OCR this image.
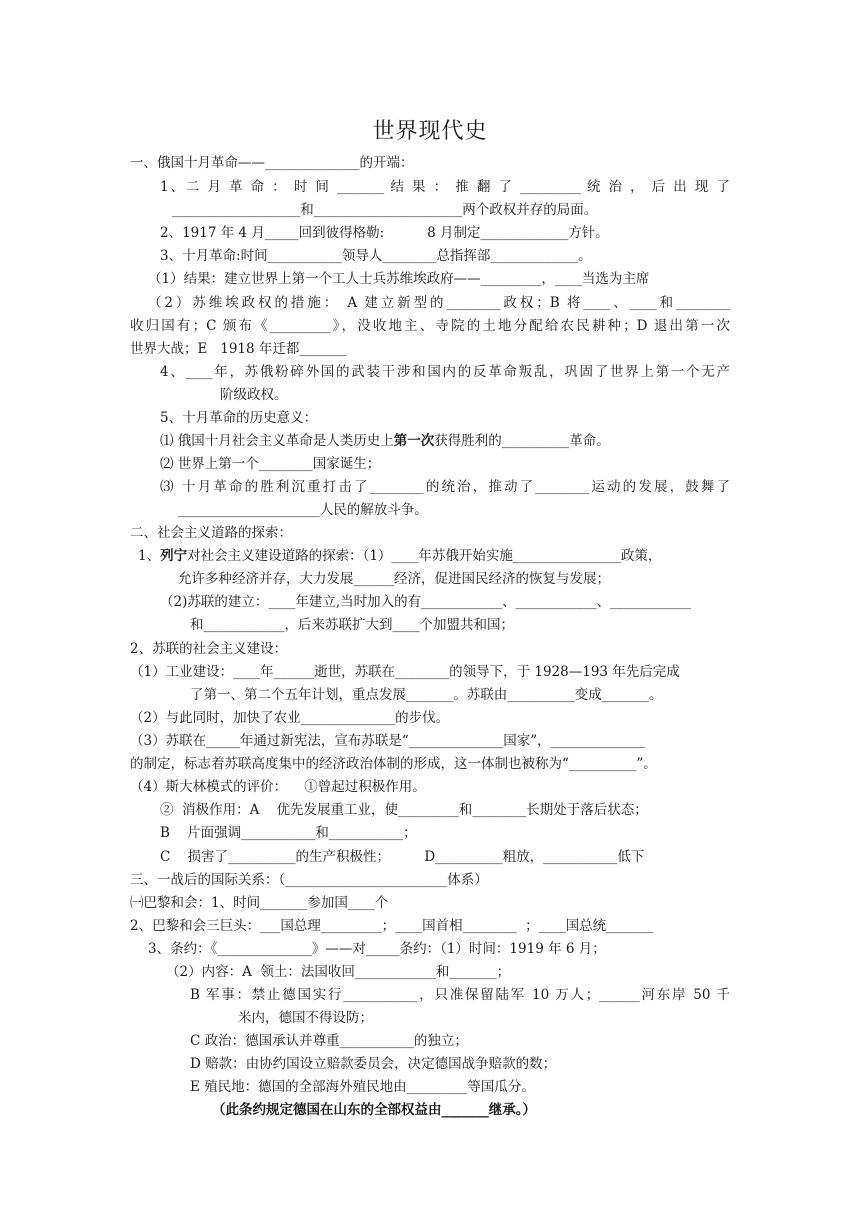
世界现代史
一、俄国十月革命——______________的开端：
1、二 月 革 命 ： 时 间 _______ 结 果 ： 推 翻 了 _________ 统 治 ， 后 出 现 了
___________________和______________________两个政权并存的局面。
2、1917 年 4 月_____回到彼得格勒:          8 月制定_____________方针。
3、十月革命:时间___________领导人________总指挥部_____________。
（1）结果：建立世界上第一个工人士兵苏维埃政府——_________，____当选为主席
（2）苏维埃政权的措施： A 建立新型的________政权；B 将____、____和________
收归国有；C 颁布《_________》，没收地主、寺院的土地分配给农民耕种；D 退出第一次
世界大战；E   1918 年迁都_______
4、____年，苏俄粉碎外国的武装干涉和国内的反革命叛乱，巩固了世界上第一个无产
阶级政权。
5、十月革命的历史意义：
⑴ 俄国十月社会主义革命是人类历史上第一次获得胜利的__________革命。
⑵ 世界上第一个________国家诞生；
⑶ 十月革命的胜利沉重打击了________的统治，推动了________运动的发展，鼓舞了
_____________________人民的解放斗争。
二、社会主义道路的探索：
1、列宁对社会主义建设道路的探索：（1）____年苏俄开始实施________________政策，
允许多种经济并存，大力发展______经济，促进国民经济的恢复与发展；
（2)苏联的建立：____年建立,当时加入的有____________、____________、____________
和____________，后来苏联扩大到____个加盟共和国；
2、苏联的社会主义建设：
（1）工业建设：____年______逝世，苏联在________的领导下，于 1928—193 年先后完成
了第一、第二个五年计划，重点发展_______。苏联由__________变成_______。
（2）与此同时，加快了农业______________的步伐。
（3）苏联在_____年通过新宪法，宣布苏联是“______________国家”，______________
的制定，标志着苏联高度集中的经济政治体制的形成，这一体制也被称为“__________”。
（4）斯大林模式的评价：    ①曾起过积极作用。
②  消极作用：A    优先发展重工业，使_________和________长期处于落后状态；
B    片面强调___________和___________；
C    损害了__________的生产积极性；        D__________粗放，___________低下
三、一战后的国际关系：（________________________体系）
㈠巴黎和会：1、时间_______参加国____个
2、巴黎和会三巨头：___国总理_________；____国首相________  ；____国总统_______
3、条约：《______________》——对_____条约：（1）时间：1919 年 6 月；
（2）内容：A  领土：法国收回____________和_______；
B 军事：禁止德国实行___________，只准保留陆军 10 万人；______河东岸 50 千
米内，德国不得设防；
C 政治：德国承认并尊重___________的独立；
D 赔款：由协约国设立赔款委员会，决定德国战争赔款的数；
E 殖民地：德国的全部海外殖民地由_________等国瓜分。
（此条约规定德国在山东的全部权益由_______继承。）
